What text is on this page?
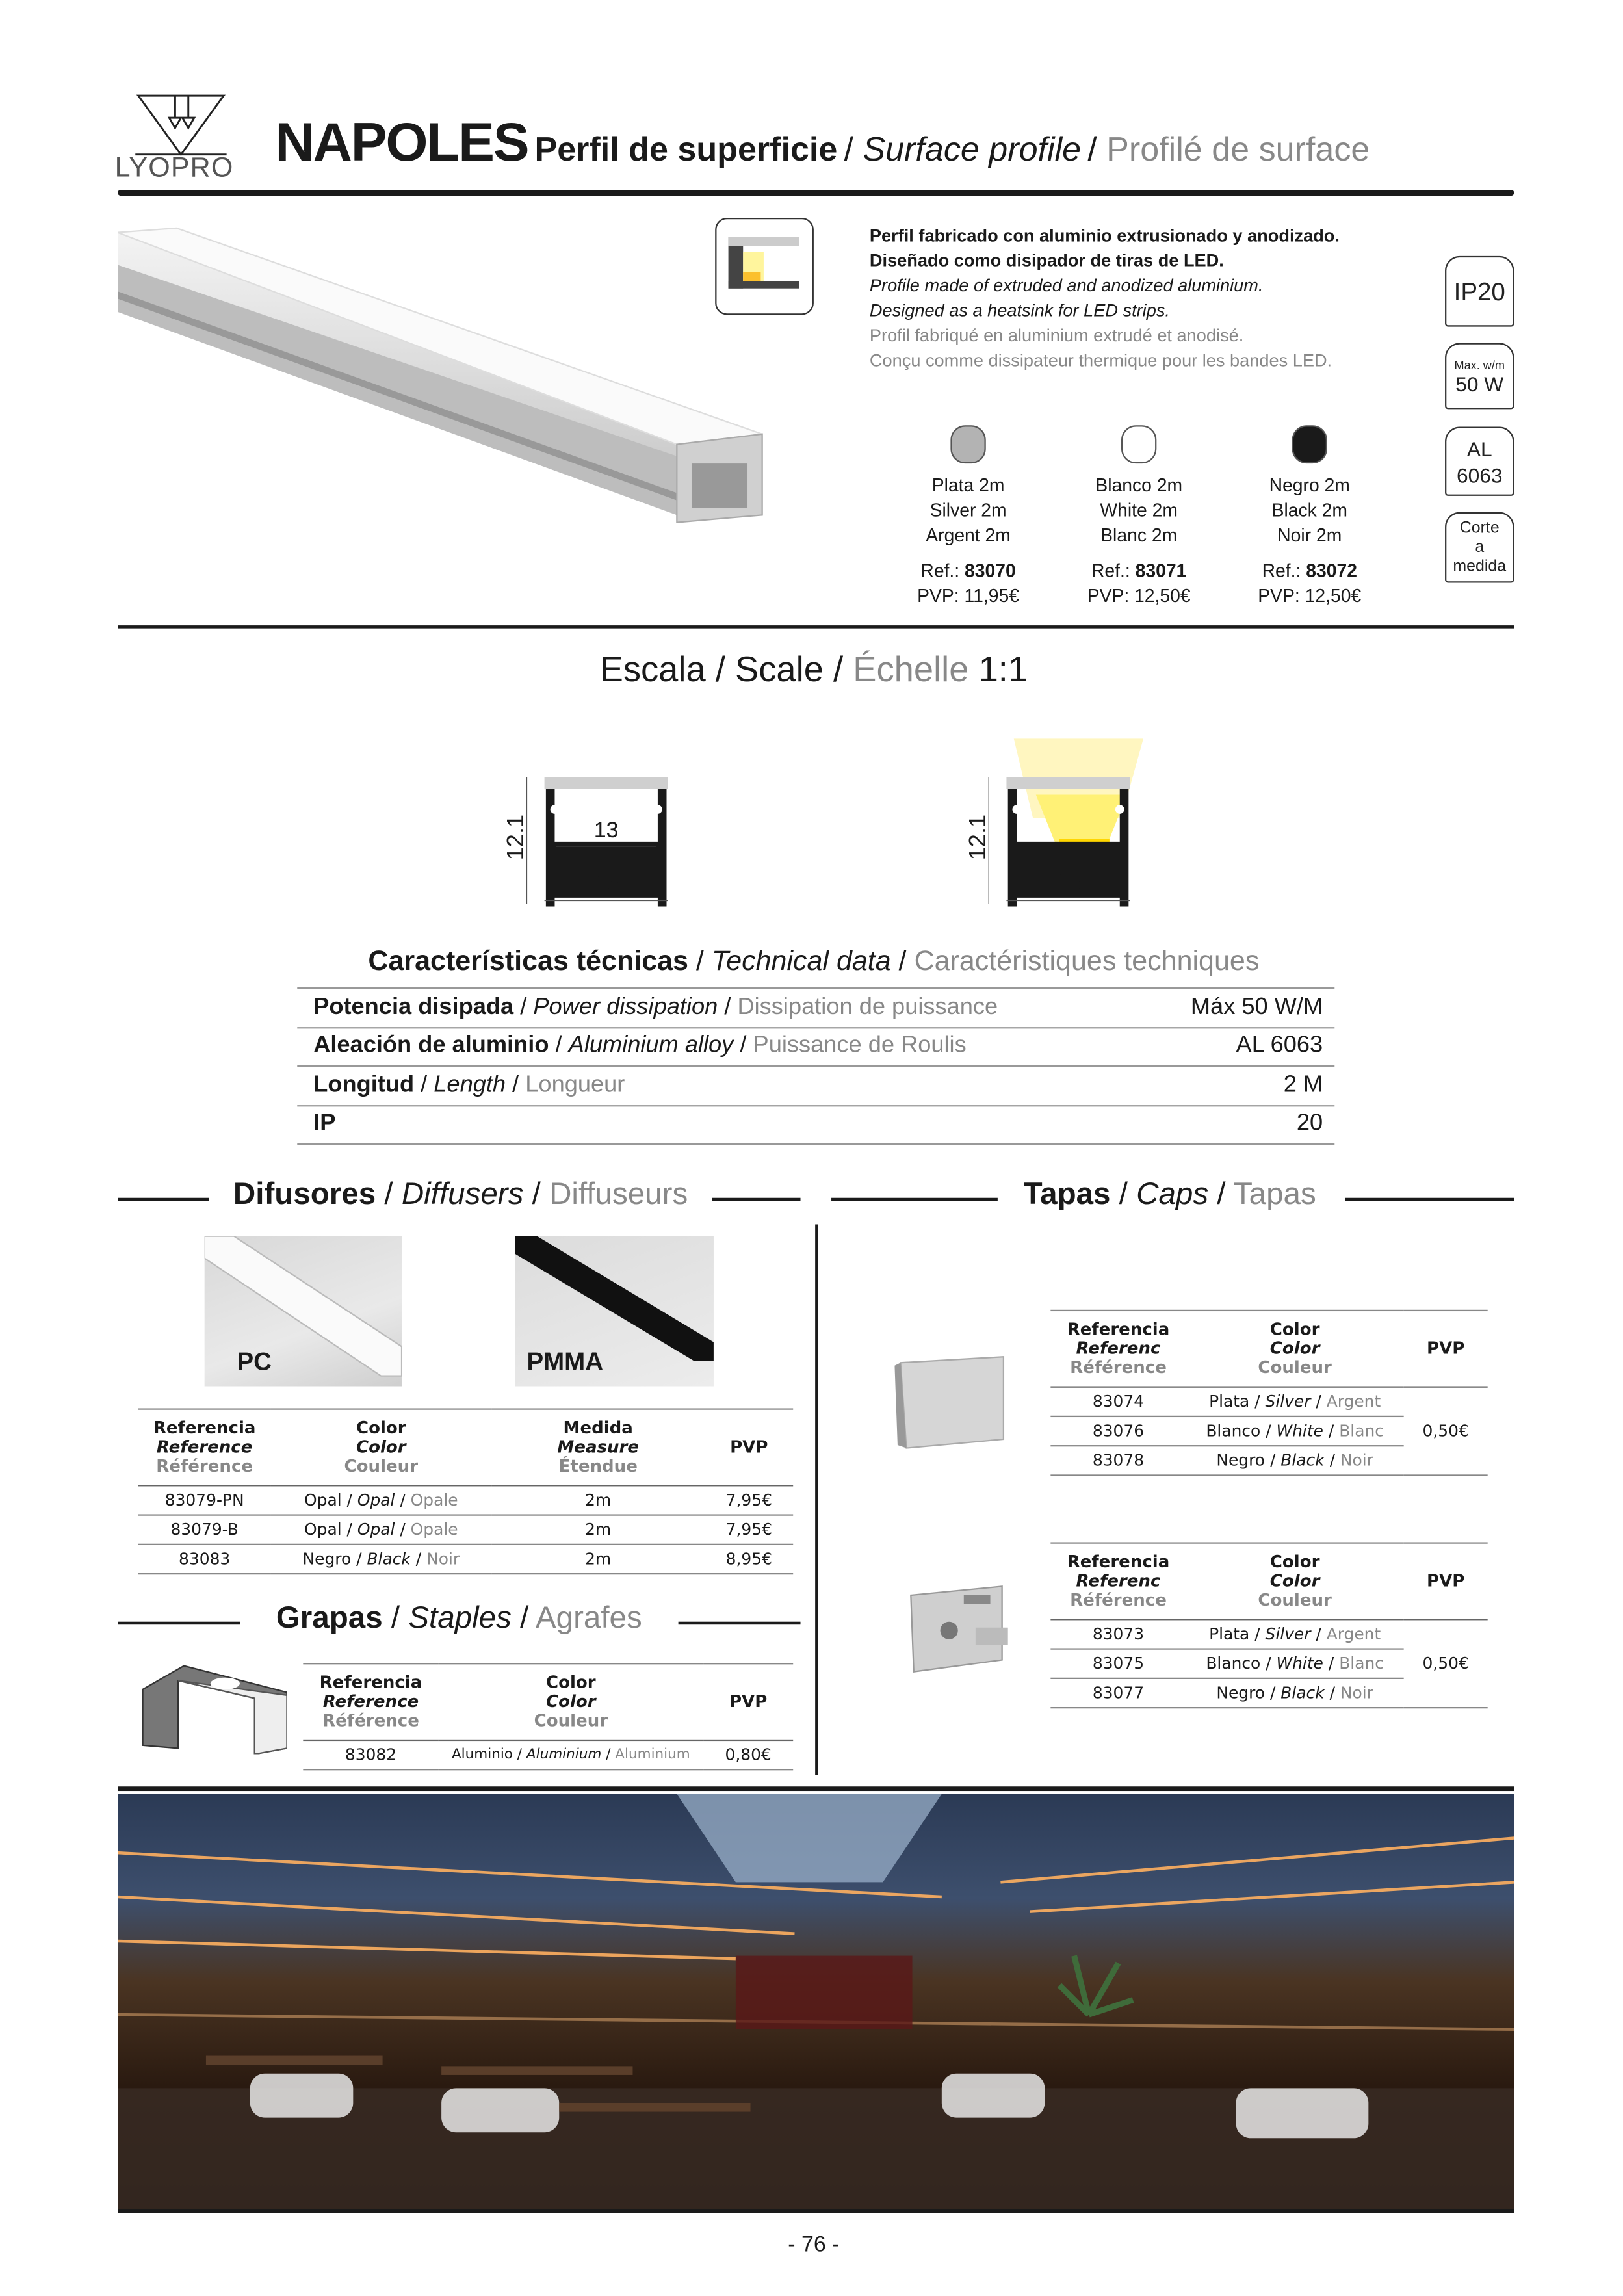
LYOPRO NAPOLES Perfil de superficie / Surface profile / Profilé de surface
Perfil fabricado con aluminio extrusionado y anodizado.
Diseñado como disipador de tiras de LED.
Profile made of extruded and anodized aluminium.
Designed as a heatsink for LED strips.
Profil fabriqué en aluminium extrudé et anodisé.
Conçu comme dissipateur thermique pour les bandes LED.
IP20
Max. w/m
50 W
AL
6063
Corte
a
medida
Plata 2m
Silver 2m
Argent 2m
Ref.: 83070
PVP: 11,95€
Blanco 2m
White 2m
Blanc 2m
Ref.: 83071
PVP: 12,50€
Negro 2m
Black 2m
Noir 2m
Ref.: 83072
PVP: 12,50€
Escala / Scale / Échelle 1:1
12.1
16
13	12.1
16
Características técnicas / Technical data / Caractéristiques techniques
Potencia disipada / Power dissipation / Dissipation de puissance	Máx 50 W/M
Aleación de aluminio / Aluminium alloy / Puissance de Roulis	AL 6063
Longitud / Length / Longueur	2 M
IP	20
Difusores / Diffusers / Diffuseurs	Tapas / Caps / Tapas
PC	PMMA
Referencia
Reference
Référence	Color
Color
Couleur	Medida
Measure
Étendue	PVP
83079-PN	Opal / Opal / Opale	2m	7,95€
83079-B	Opal / Opal / Opale	2m	7,95€
83083	Negro / Black / Noir	2m	8,95€
Grapas / Staples / Agrafes
Referencia
Reference
Référence	Color
Color
Couleur	PVP
83082	Aluminio / Aluminium / Aluminium	0,80€
Referencia
Referenc
Référence	Color
Color
Couleur	PVP
83074	Plata / Silver / Argent	0,50€
83076	Blanco / White / Blanc	
83078	Negro / Black / Noir	
Referencia
Referenc
Référence	Color
Color
Couleur	PVP
83073	Plata / Silver / Argent	0,50€
83075	Blanco / White / Blanc	
83077	Negro / Black / Noir	
- 76 -
